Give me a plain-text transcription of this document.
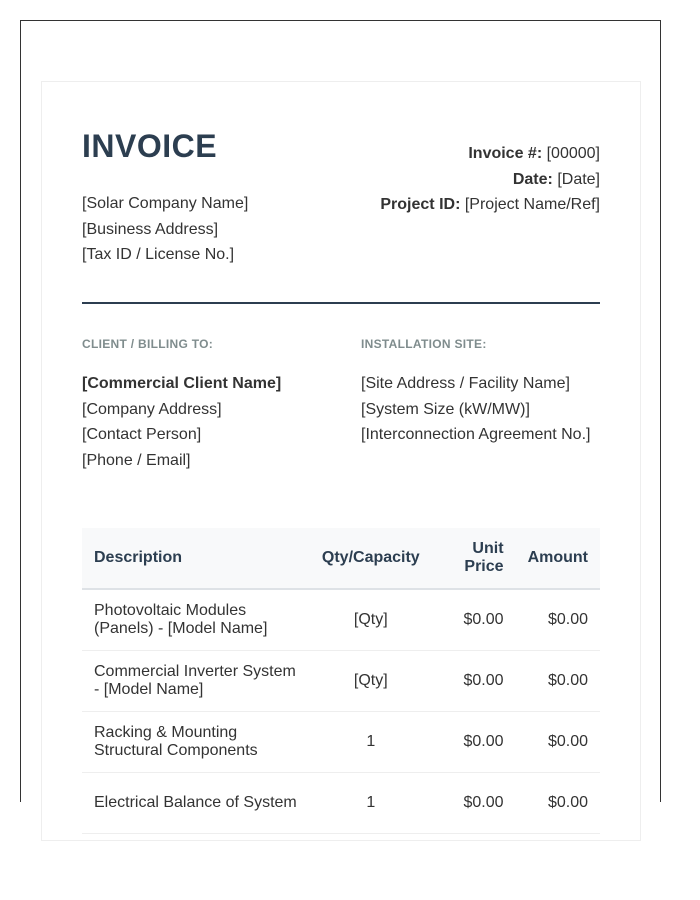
INVOICE
[Solar Company Name]
[Business Address]
[Tax ID / License No.]
Invoice #: [00000]
Date: [Date]
Project ID: [Project Name/Ref]
CLIENT / BILLING TO:	INSTALLATION SITE:
[Commercial Client Name]
[Company Address]
[Contact Person]
[Phone / Email]
[Site Address / Facility Name]
[System Size (kW/MW)]
[Interconnection Agreement No.]
Description	Qty/Capacity	Unit Price	Amount
Photovoltaic Modules (Panels) - [Model Name]	[Qty]	$0.00	$0.00
Commercial Inverter System - [Model Name]	[Qty]	$0.00	$0.00
Racking & Mounting Structural Components	1	$0.00	$0.00
Electrical Balance of System	1	$0.00	$0.00
